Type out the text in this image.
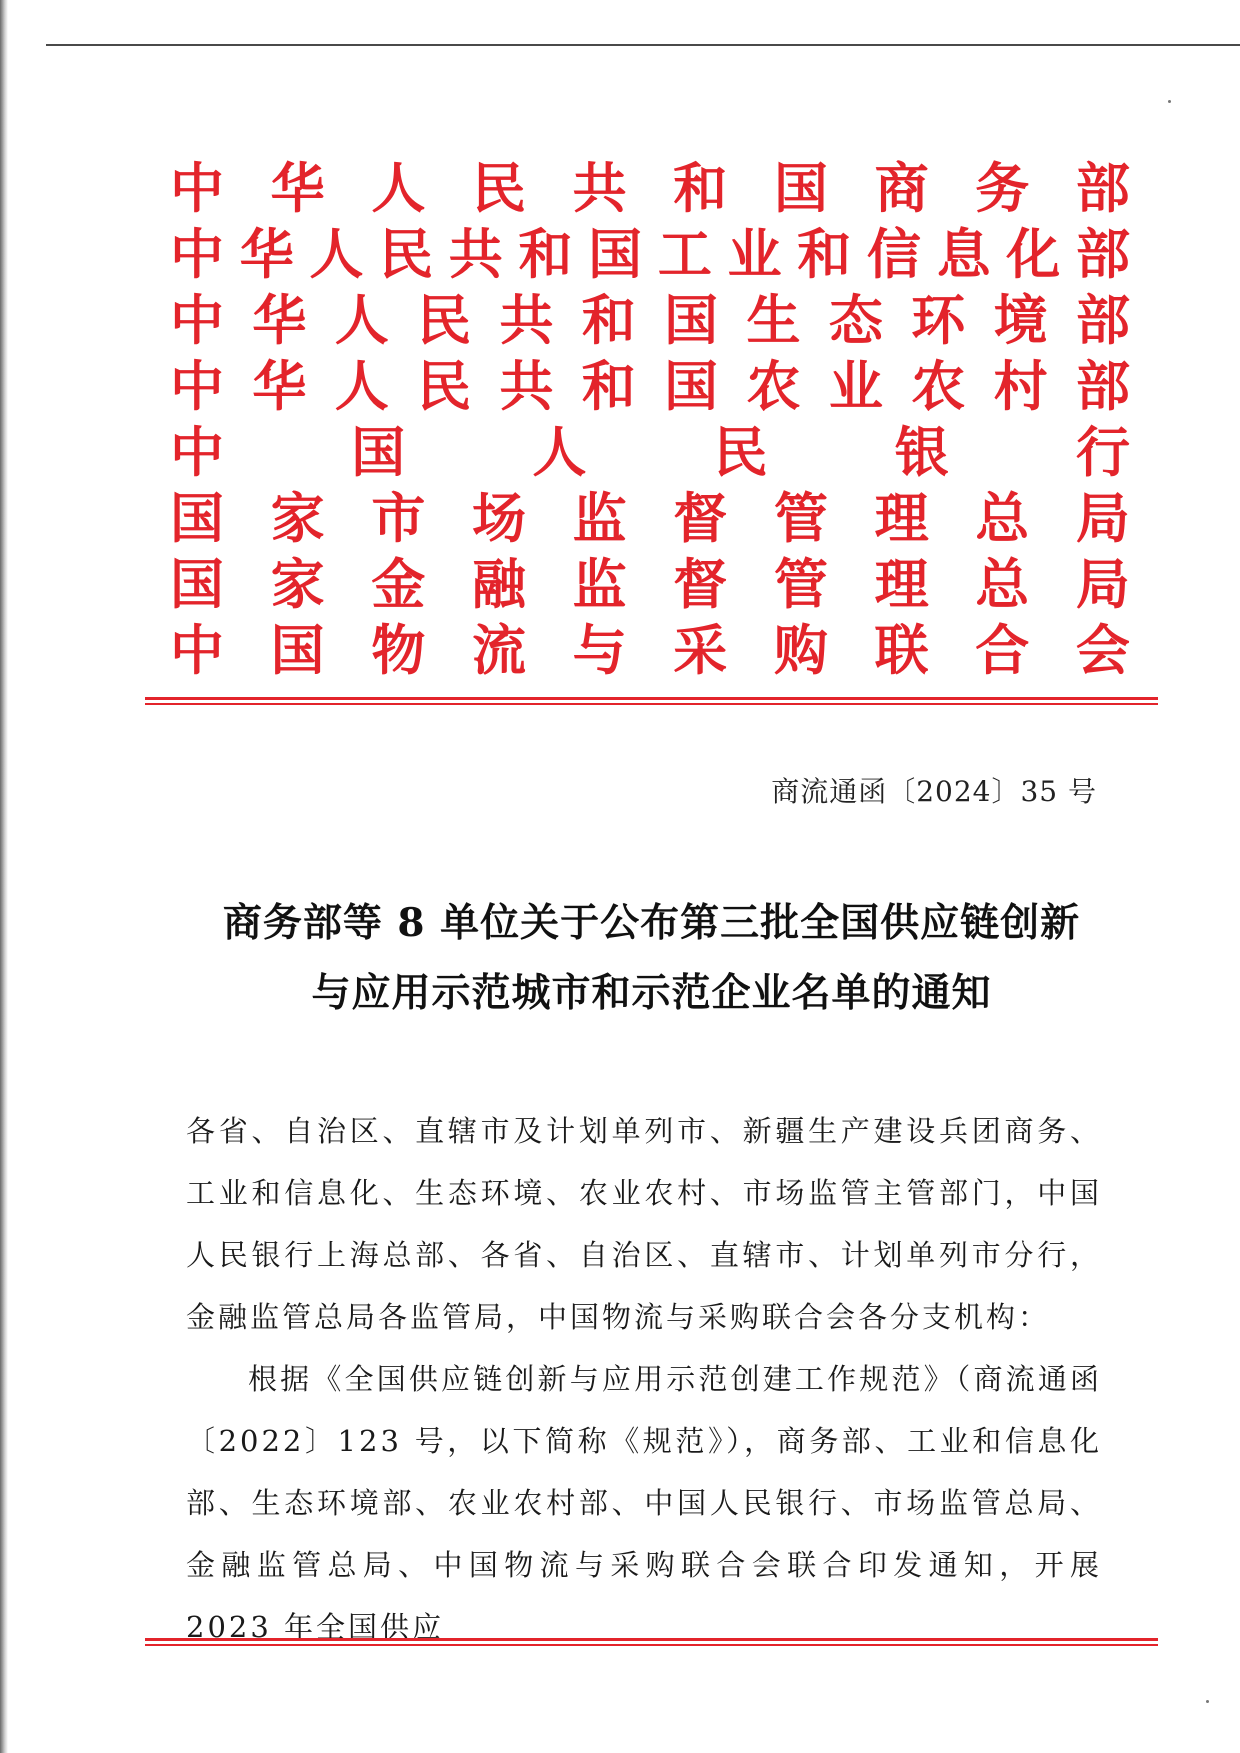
中 华 人 民 共 和 国 商 务 部
中 华 人 民 共 和 国 工 业 和 信 息 化 部
中 华 人 民 共 和 国 生 态 环 境 部
中 华 人 民 共 和 国 农 业 农 村 部
中 国 人 民 银 行
国 家 市 场 监 督 管 理 总 局
国 家 金 融 监 督 管 理 总 局
中 国 物 流 与 采 购 联 合 会
商流通函〔2024〕35 号
商务部等 8 单位关于公布第三批全国供应链创新
与应用示范城市和示范企业名单的通知

各省、自治区、直辖市及计划单列市、新疆生产建设兵团商务、工业和信息化、生态环境、农业农村、市场监管主管部门，中国人民银行上海总部、各省、自治区、直辖市、计划单列市分行，金融监管总局各监管局，中国物流与采购联合会各分支机构：

根据《全国供应链创新与应用示范创建工作规范》（商流通函〔2022〕123 号，以下简称《规范》），商务部、工业和信息化部、生态环境部、农业农村部、中国人民银行、市场监管总局、金融监管总局、中国物流与采购联合会联合印发通知，开展 2023 年全国供应
